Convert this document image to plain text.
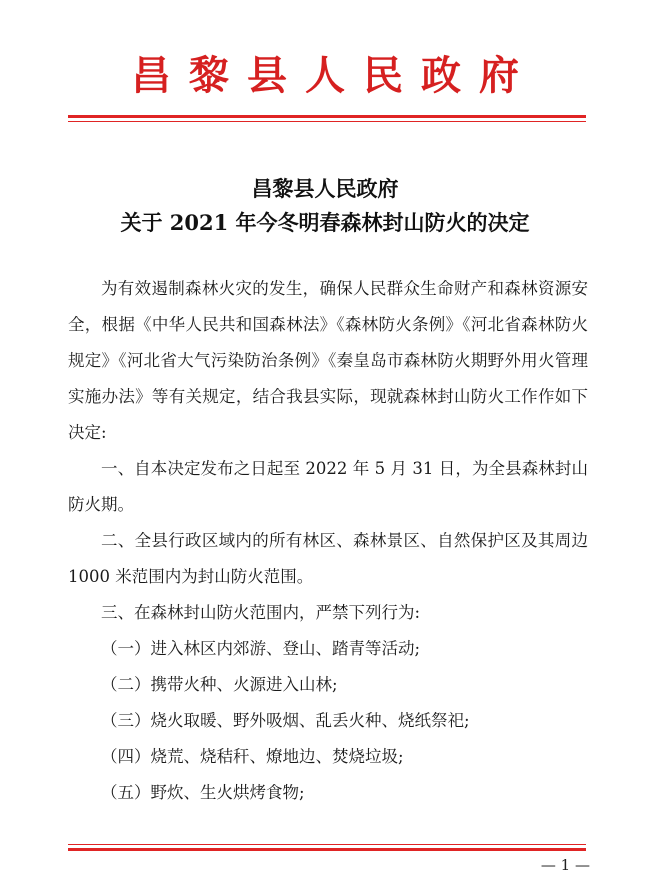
昌黎县人民政府
昌黎县人民政府
关于 2021 年今冬明春森林封山防火的决定

为有效遏制森林火灾的发生，确保人民群众生命财产和森林资源安全，根据《中华人民共和国森林法》《森林防火条例》《河北省森林防火规定》《河北省大气污染防治条例》《秦皇岛市森林防火期野外用火管理实施办法》等有关规定，结合我县实际，现就森林封山防火工作作如下决定:

一、自本决定发布之日起至 2022 年 5 月 31 日，为全县森林封山防火期。

二、全县行政区域内的所有林区、森林景区、自然保护区及其周边 1000 米范围内为封山防火范围。

三、在森林封山防火范围内，严禁下列行为:

（一）进入林区内郊游、登山、踏青等活动;

（二）携带火种、火源进入山林;

（三）烧火取暖、野外吸烟、乱丢火种、烧纸祭祀;

（四）烧荒、烧秸秆、燎地边、焚烧垃圾;

（五）野炊、生火烘烤食物;

— 1 —
